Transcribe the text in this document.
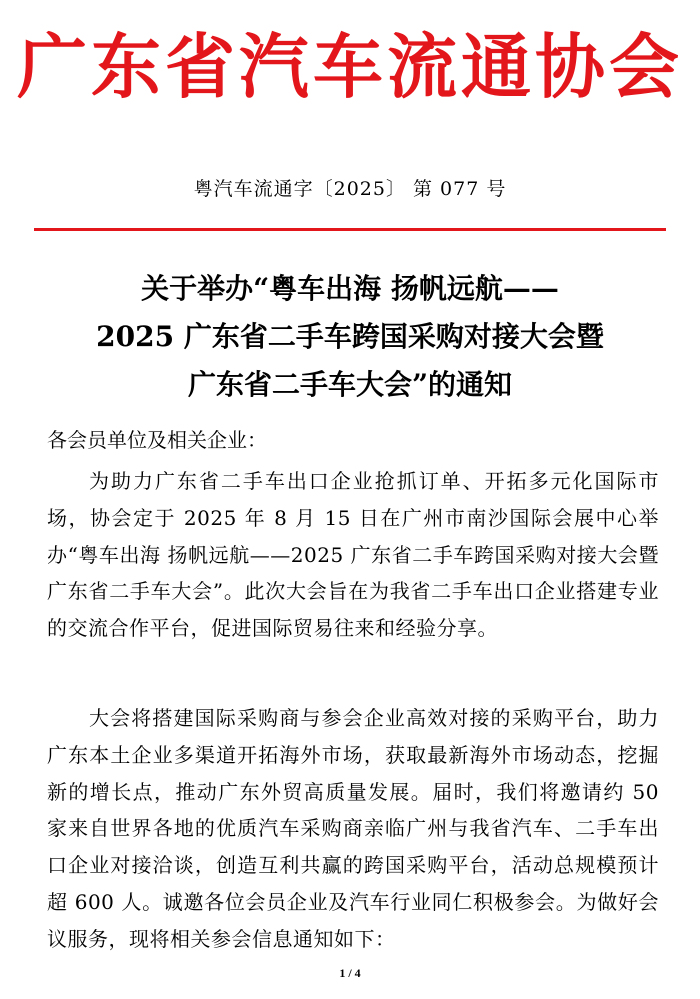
广东省汽车流通协会
粤汽车流通字〔2025〕 第 077 号
关于举办“粤车出海 扬帆远航——
2025 广东省二手车跨国采购对接大会暨
广东省二手车大会”的通知
各会员单位及相关企业：
为助力广东省二手车出口企业抢抓订单、开拓多元化国际市场，协会定于 2025 年 8 月 15 日在广州市南沙国际会展中心举办“粤车出海 扬帆远航——2025 广东省二手车跨国采购对接大会暨广东省二手车大会”。此次大会旨在为我省二手车出口企业搭建专业的交流合作平台，促进国际贸易往来和经验分享。
大会将搭建国际采购商与参会企业高效对接的采购平台，助力广东本土企业多渠道开拓海外市场，获取最新海外市场动态，挖掘新的增长点，推动广东外贸高质量发展。届时，我们将邀请约 50 家来自世界各地的优质汽车采购商亲临广州与我省汽车、二手车出口企业对接洽谈，创造互利共赢的跨国采购平台，活动总规模预计超 600 人。诚邀各位会员企业及汽车行业同仁积极参会。为做好会议服务，现将相关参会信息通知如下：
1 / 4
